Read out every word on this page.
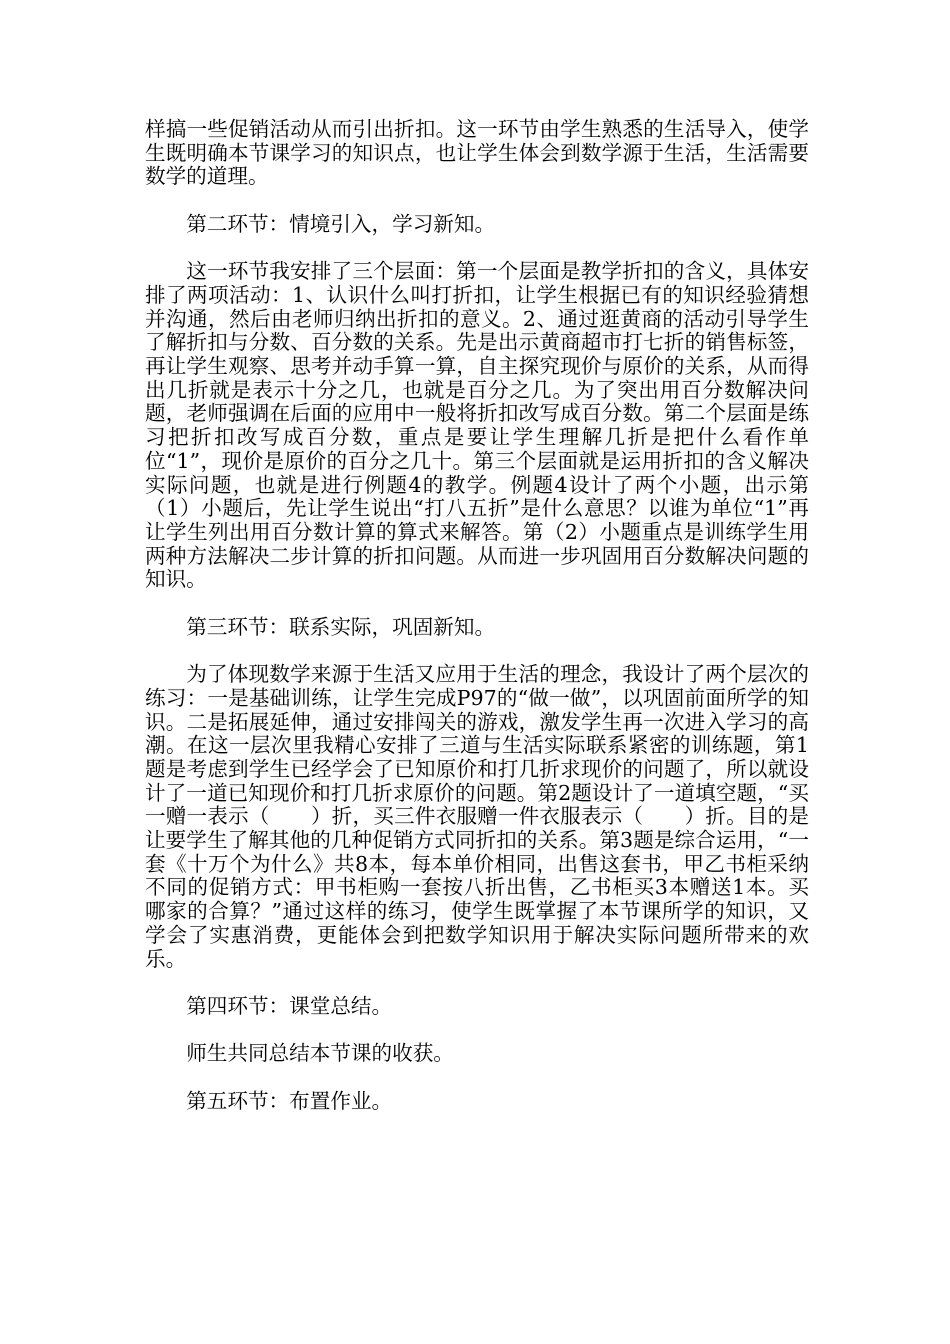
样搞一些促销活动从而引出折扣。这一环节由学生熟悉的生活导入，使学生既明确本节课学习的知识点，也让学生体会到数学源于生活，生活需要数学的道理。

第二环节：情境引入，学习新知。

这一环节我安排了三个层面：第一个层面是教学折扣的含义，具体安排了两项活动：1、认识什么叫打折扣，让学生根据已有的知识经验猜想并沟通，然后由老师归纳出折扣的意义。2、通过逛黄商的活动引导学生了解折扣与分数、百分数的关系。先是出示黄商超市打七折的销售标签，再让学生观察、思考并动手算一算，自主探究现价与原价的关系，从而得出几折就是表示十分之几，也就是百分之几。为了突出用百分数解决问题，老师强调在后面的应用中一般将折扣改写成百分数。第二个层面是练习把折扣改写成百分数，重点是要让学生理解几折是把什么看作单位“1”，现价是原价的百分之几十。第三个层面就是运用折扣的含义解决实际问题，也就是进行例题4的教学。例题4设计了两个小题，出示第（1）小题后，先让学生说出“打八五折”是什么意思？以谁为单位“1”再让学生列出用百分数计算的算式来解答。第（2）小题重点是训练学生用两种方法解决二步计算的折扣问题。从而进一步巩固用百分数解决问题的知识。

第三环节：联系实际，巩固新知。

为了体现数学来源于生活又应用于生活的理念，我设计了两个层次的练习：一是基础训练，让学生完成P97的“做一做”，以巩固前面所学的知识。二是拓展延伸，通过安排闯关的游戏，激发学生再一次进入学习的高潮。在这一层次里我精心安排了三道与生活实际联系紧密的训练题，第1题是考虑到学生已经学会了已知原价和打几折求现价的问题了，所以就设计了一道已知现价和打几折求原价的问题。第2题设计了一道填空题，“买一赠一表示（　　）折，买三件衣服赠一件衣服表示（　　）折。目的是让要学生了解其他的几种促销方式同折扣的关系。第3题是综合运用，“一套《十万个为什么》共8本，每本单价相同，出售这套书，甲乙书柜采纳不同的促销方式：甲书柜购一套按八折出售，乙书柜买3本赠送1本。买哪家的合算？”通过这样的练习，使学生既掌握了本节课所学的知识，又学会了实惠消费，更能体会到把数学知识用于解决实际问题所带来的欢乐。

第四环节：课堂总结。

师生共同总结本节课的收获。

第五环节：布置作业。
